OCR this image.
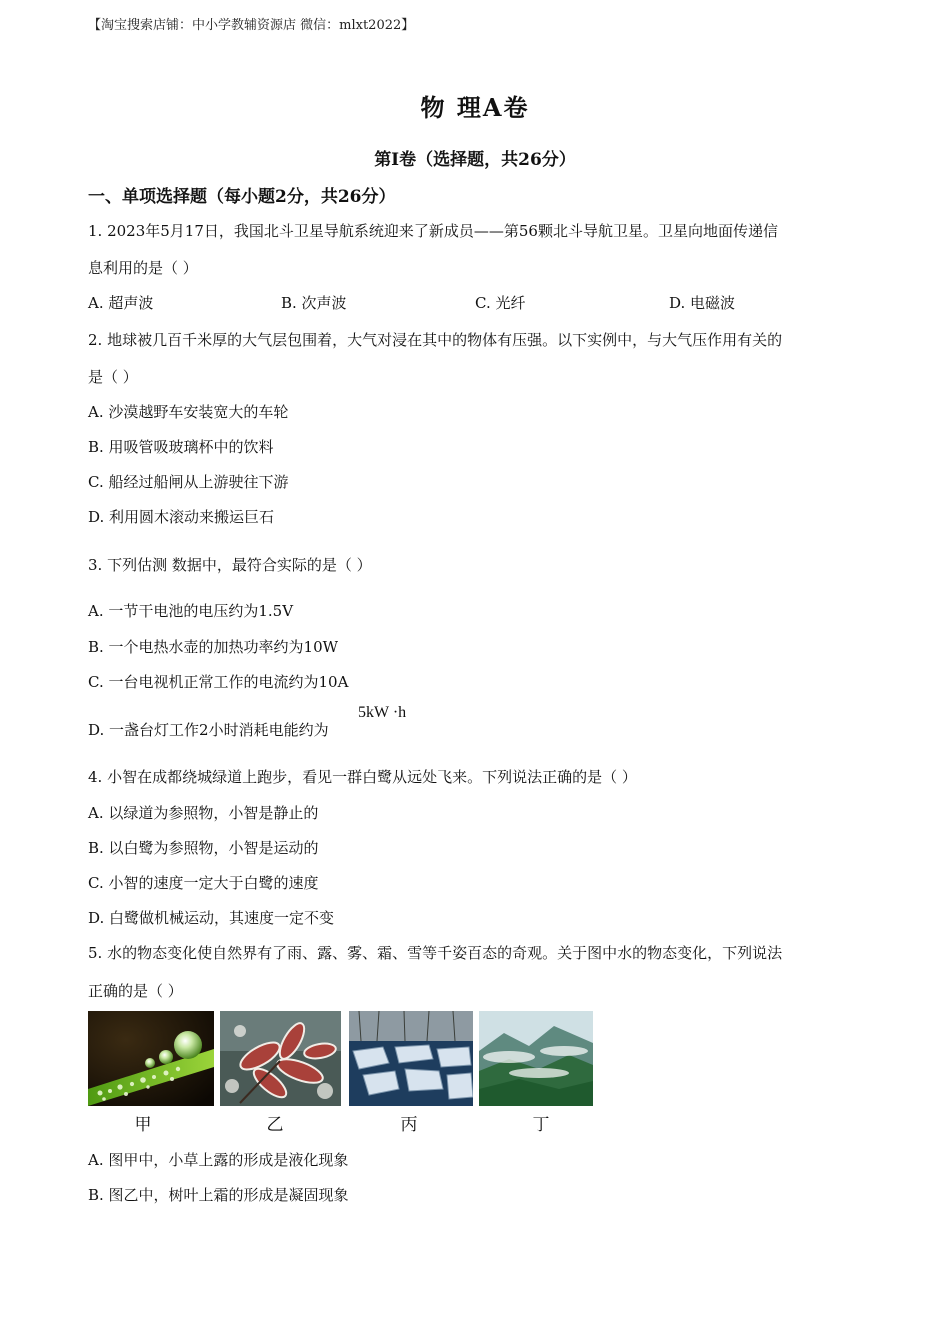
【淘宝搜索店铺：中小学教辅资源店 微信：mlxt2022】
物 理A卷
第Ⅰ卷（选择题，共26分）
一、单项选择题（每小题2分，共26分）
1. 2023年5月17日，我国北斗卫星导航系统迎来了新成员——第56颗北斗导航卫星。卫星向地面传递信
息利用的是（ ）
A. 超声波	B. 次声波	C. 光纤	D. 电磁波
2. 地球被几百千米厚的大气层包围着，大气对浸在其中的物体有压强。以下实例中，与大气压作用有关的
是（ ）
A. 沙漠越野车安装宽大的车轮
B. 用吸管吸玻璃杯中的饮料
C. 船经过船闸从上游驶往下游
D. 利用圆木滚动来搬运巨石
3. 下列估测 数据中，最符合实际的是（ ）
A. 一节干电池的电压约为1.5V
B. 一个电热水壶的加热功率约为10W
C. 一台电视机正常工作的电流约为10A
D. 一盏台灯工作2小时消耗电能约为
5kW ·h
4. 小智在成都绕城绿道上跑步，看见一群白鹭从远处飞来。下列说法正确的是（ ）
A. 以绿道为参照物，小智是静止的
B. 以白鹭为参照物，小智是运动的
C. 小智的速度一定大于白鹭的速度
D. 白鹭做机械运动，其速度一定不变
5. 水的物态变化使自然界有了雨、露、雾、霜、雪等千姿百态的奇观。关于图中水的物态变化，下列说法
正确的是（ ）
甲	乙	丙	丁
A. 图甲中，小草上露的形成是液化现象
B. 图乙中，树叶上霜的形成是凝固现象
